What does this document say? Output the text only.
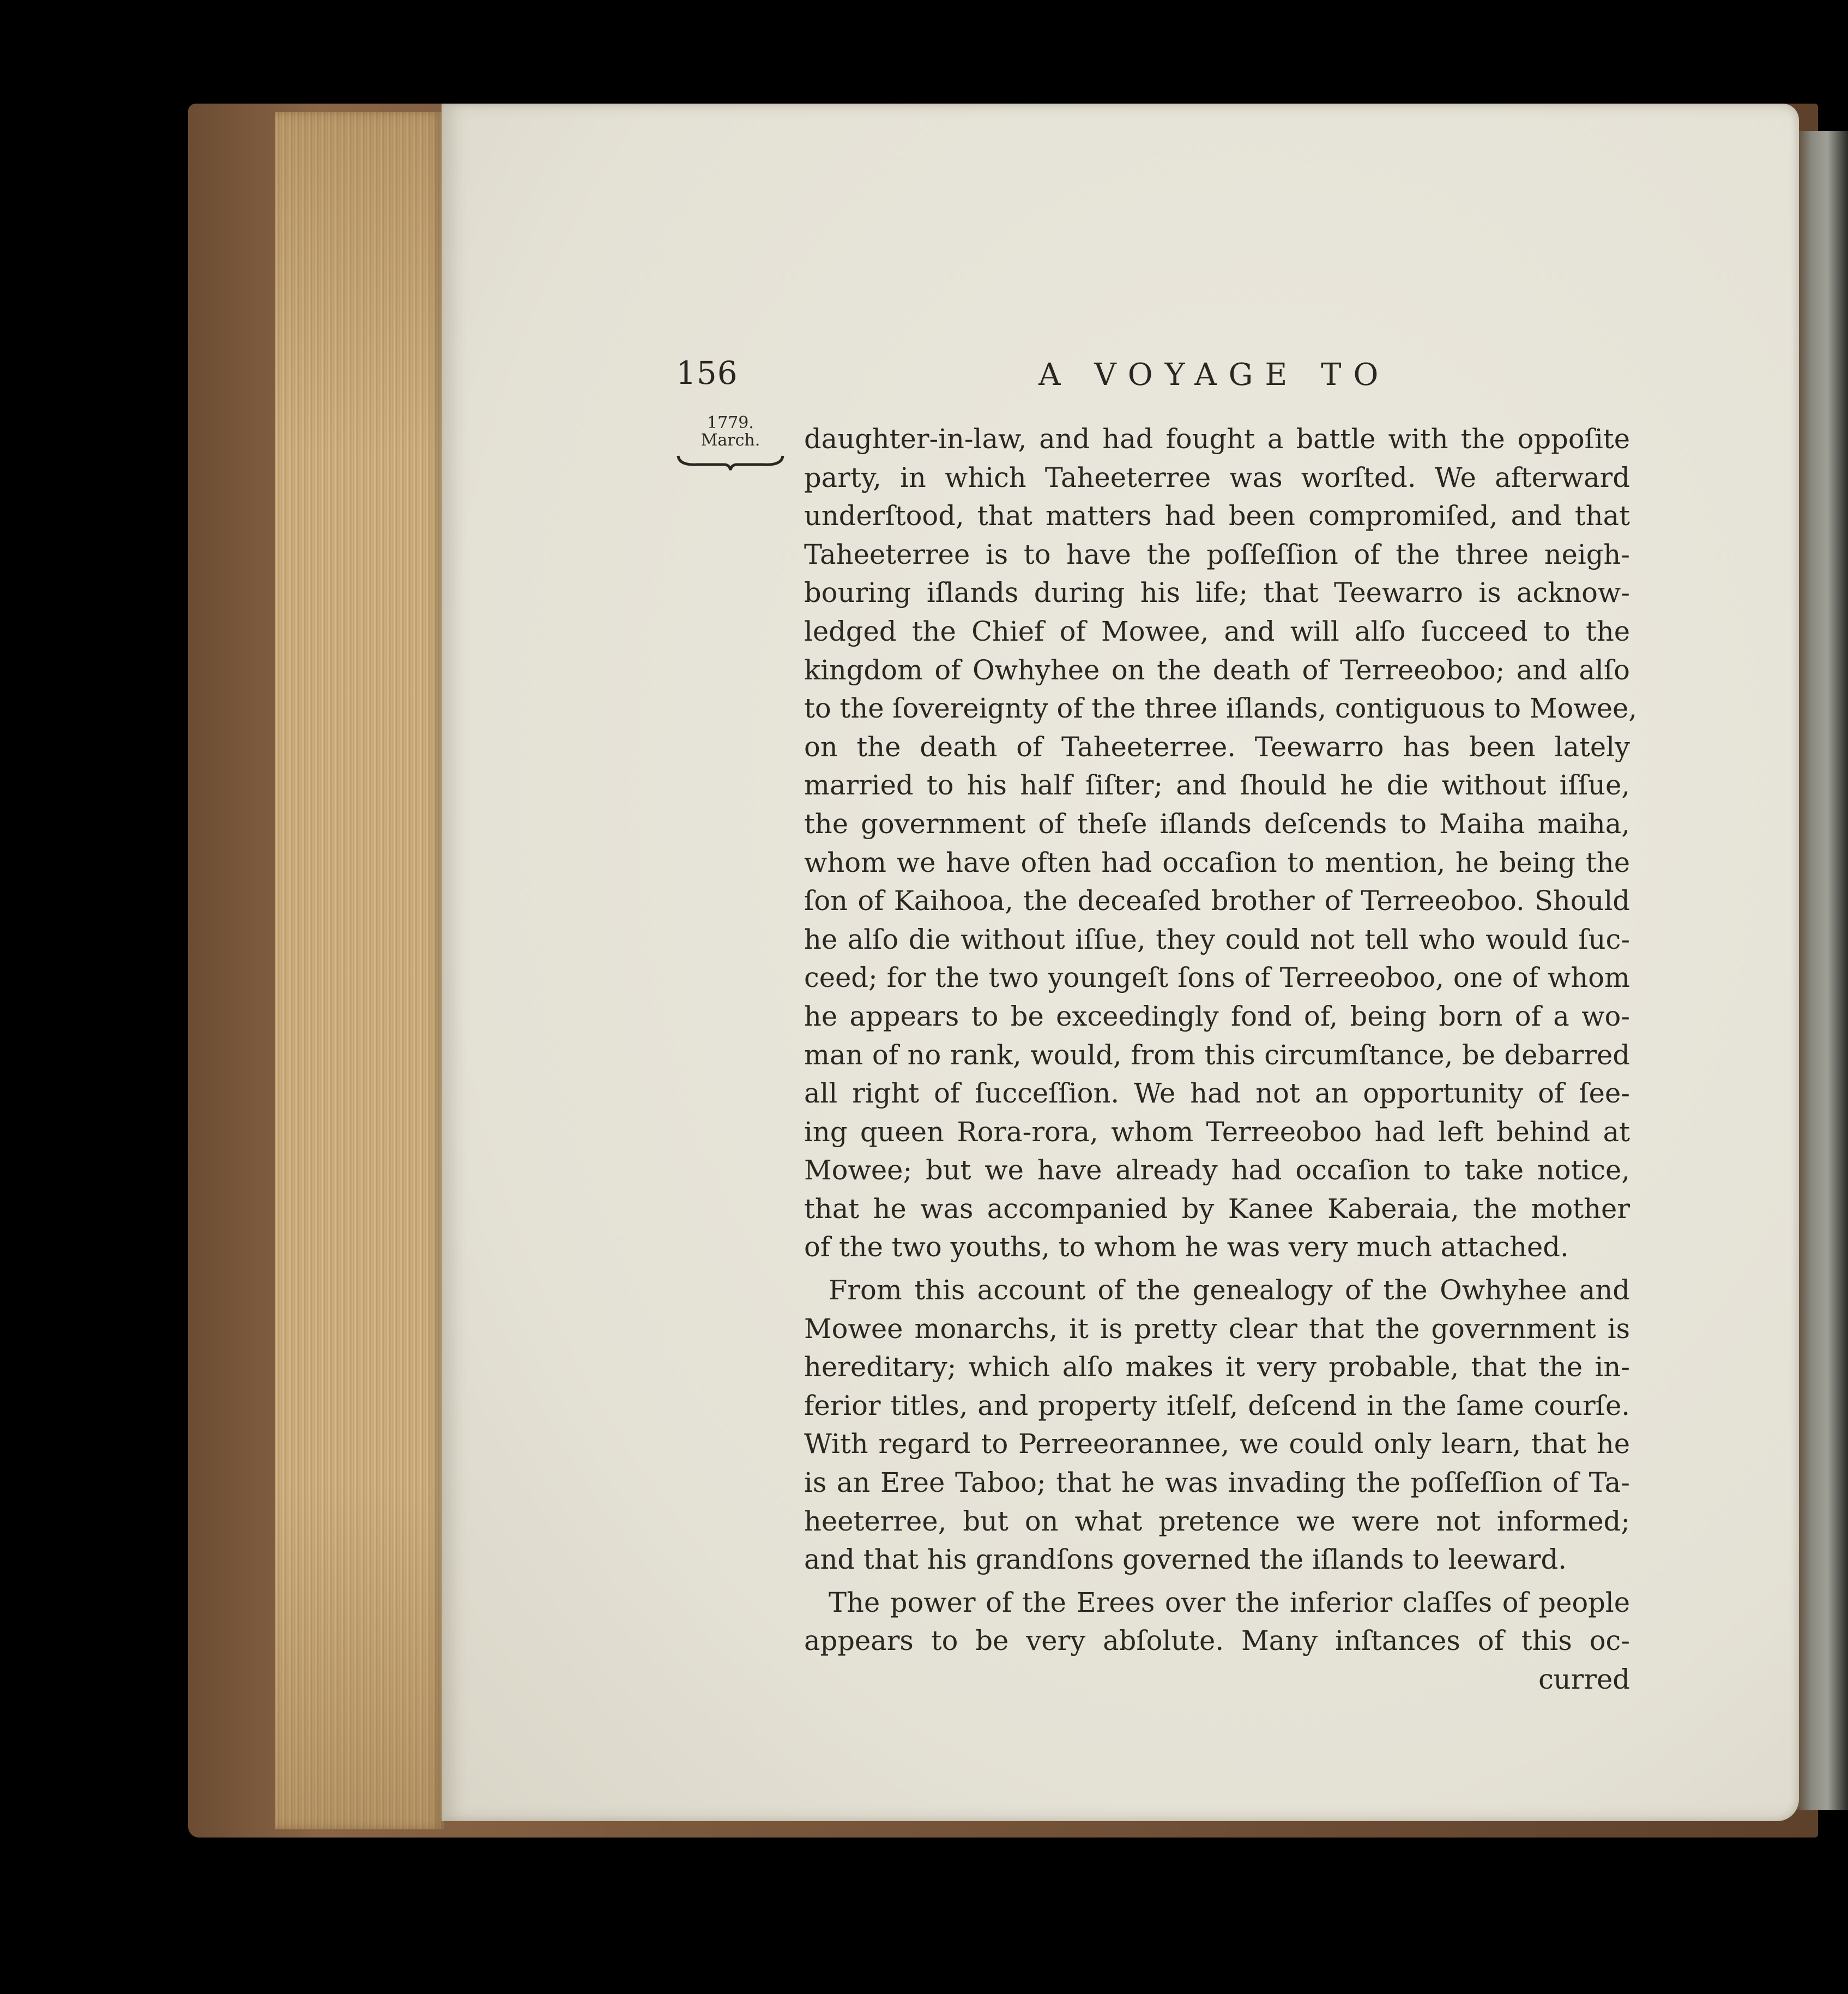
156	A VOYAGE TO
1779.
March.	daughter-in-law, and had fought a battle with the oppoſite
party, in which Taheeterree was worſted. We afterward
underſtood, that matters had been compromiſed, and that
Taheeterree is to have the poſſeſſion of the three neigh-
bouring iſlands during his life; that Teewarro is acknow-
ledged the Chief of Mowee, and will alſo ſucceed to the
kingdom of Owhyhee on the death of Terreeoboo; and alſo
to the ſovereignty of the three iſlands, contiguous to Mowee,
on the death of Taheeterree. Teewarro has been lately
married to his half ſiſter; and ſhould he die without iſſue,
the government of theſe iſlands deſcends to Maiha maiha,
whom we have often had occaſion to mention, he being the
ſon of Kaihooa, the deceaſed brother of Terreeoboo. Should
he alſo die without iſſue, they could not tell who would ſuc-
ceed; for the two youngeſt ſons of Terreeoboo, one of whom
he appears to be exceedingly fond of, being born of a wo-
man of no rank, would, from this circumſtance, be debarred
all right of ſucceſſion. We had not an opportunity of ſee-
ing queen Rora-rora, whom Terreeoboo had left behind at
Mowee; but we have already had occaſion to take notice,
that he was accompanied by Kanee Kaberaia, the mother
of the two youths, to whom he was very much attached.
From this account of the genealogy of the Owhyhee and
Mowee monarchs, it is pretty clear that the government is
hereditary; which alſo makes it very probable, that the in-
ferior titles, and property itſelf, deſcend in the ſame courſe.
With regard to Perreeorannee, we could only learn, that he
is an Eree Taboo; that he was invading the poſſeſſion of Ta-
heeterree, but on what pretence we were not informed;
and that his grandſons governed the iſlands to leeward.
The power of the Erees over the inferior claſſes of people
appears to be very abſolute. Many inſtances of this oc-
curred
